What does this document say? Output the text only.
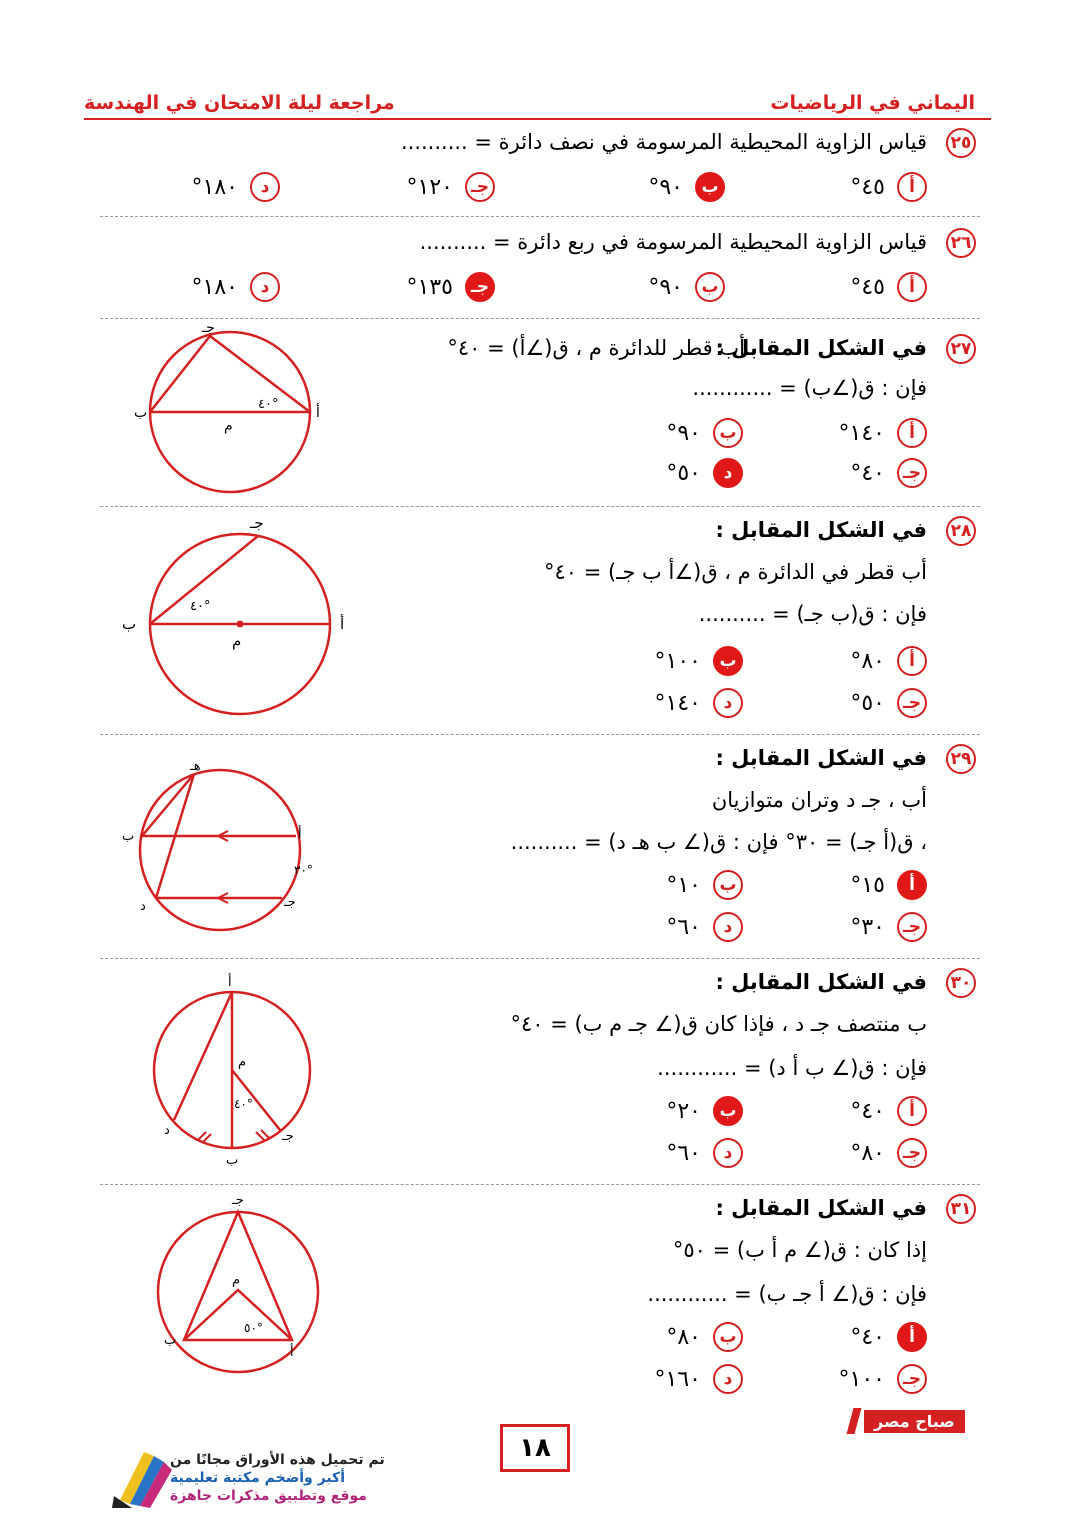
اليماني في الرياضيات
مراجعة ليلة الامتحان في الهندسة
٢٥
قياس الزاوية المحيطية المرسومة في نصف دائرة = ..........
أ
٤٥°
ب
٩٠°
جـ
١٢٠°
د
١٨٠°
٢٦
قياس الزاوية المحيطية المرسومة في ربع دائرة = ..........
أ
٤٥°
ب
٩٠°
جـ
١٣٥°
د
١٨٠°
٢٧
في الشكل المقابل :
أب قطر للدائرة م ، ق(∠أ) = ٤٠°
فإن : ق(∠ب) = ............
أ
١٤٠°
ب
٩٠°
جـ
٤٠°
د
٥٠°
أ
ب
جـ
م
٤٠°
٢٨
في الشكل المقابل :
أب قطر في الدائرة م ، ق(∠أ ب جـ) = ٤٠°
فإن : ق(ب جـ) = ..........
أ
٨٠°
ب
١٠٠°
جـ
٥٠°
د
١٤٠°
أ
ب
جـ
م
٤٠°
٢٩
في الشكل المقابل :
أب ، جـ د وتران متوازيان
، ق(أ جـ) = ٣٠° فإن : ق(∠ ب هـ د) = ..........
أ
١٥°
ب
١٠°
جـ
٣٠°
د
٦٠°
أ
ب
جـ
د
هـ
٣٠°
٣٠
في الشكل المقابل :
ب منتصف جـ د ، فإذا كان ق(∠ جـ م ب) = ٤٠°
فإن : ق(∠ ب أ د) = ............
أ
٤٠°
ب
٢٠°
جـ
٨٠°
د
٦٠°
أ
ب
جـ
د
م
٤٠°
٣١
في الشكل المقابل :
إذا كان : ق(∠ م أ ب) = ٥٠°
فإن : ق(∠ أ جـ ب) = ............
أ
٤٠°
ب
٨٠°
جـ
١٠٠°
د
١٦٠°
أ
ب
جـ
م
٥٠°
صباح مصر
١٨
تم تحميل هذه الأوراق مجانًا من
أكبر وأضخم مكتبة تعليمية
موقع وتطبيق مذكرات جاهزة
